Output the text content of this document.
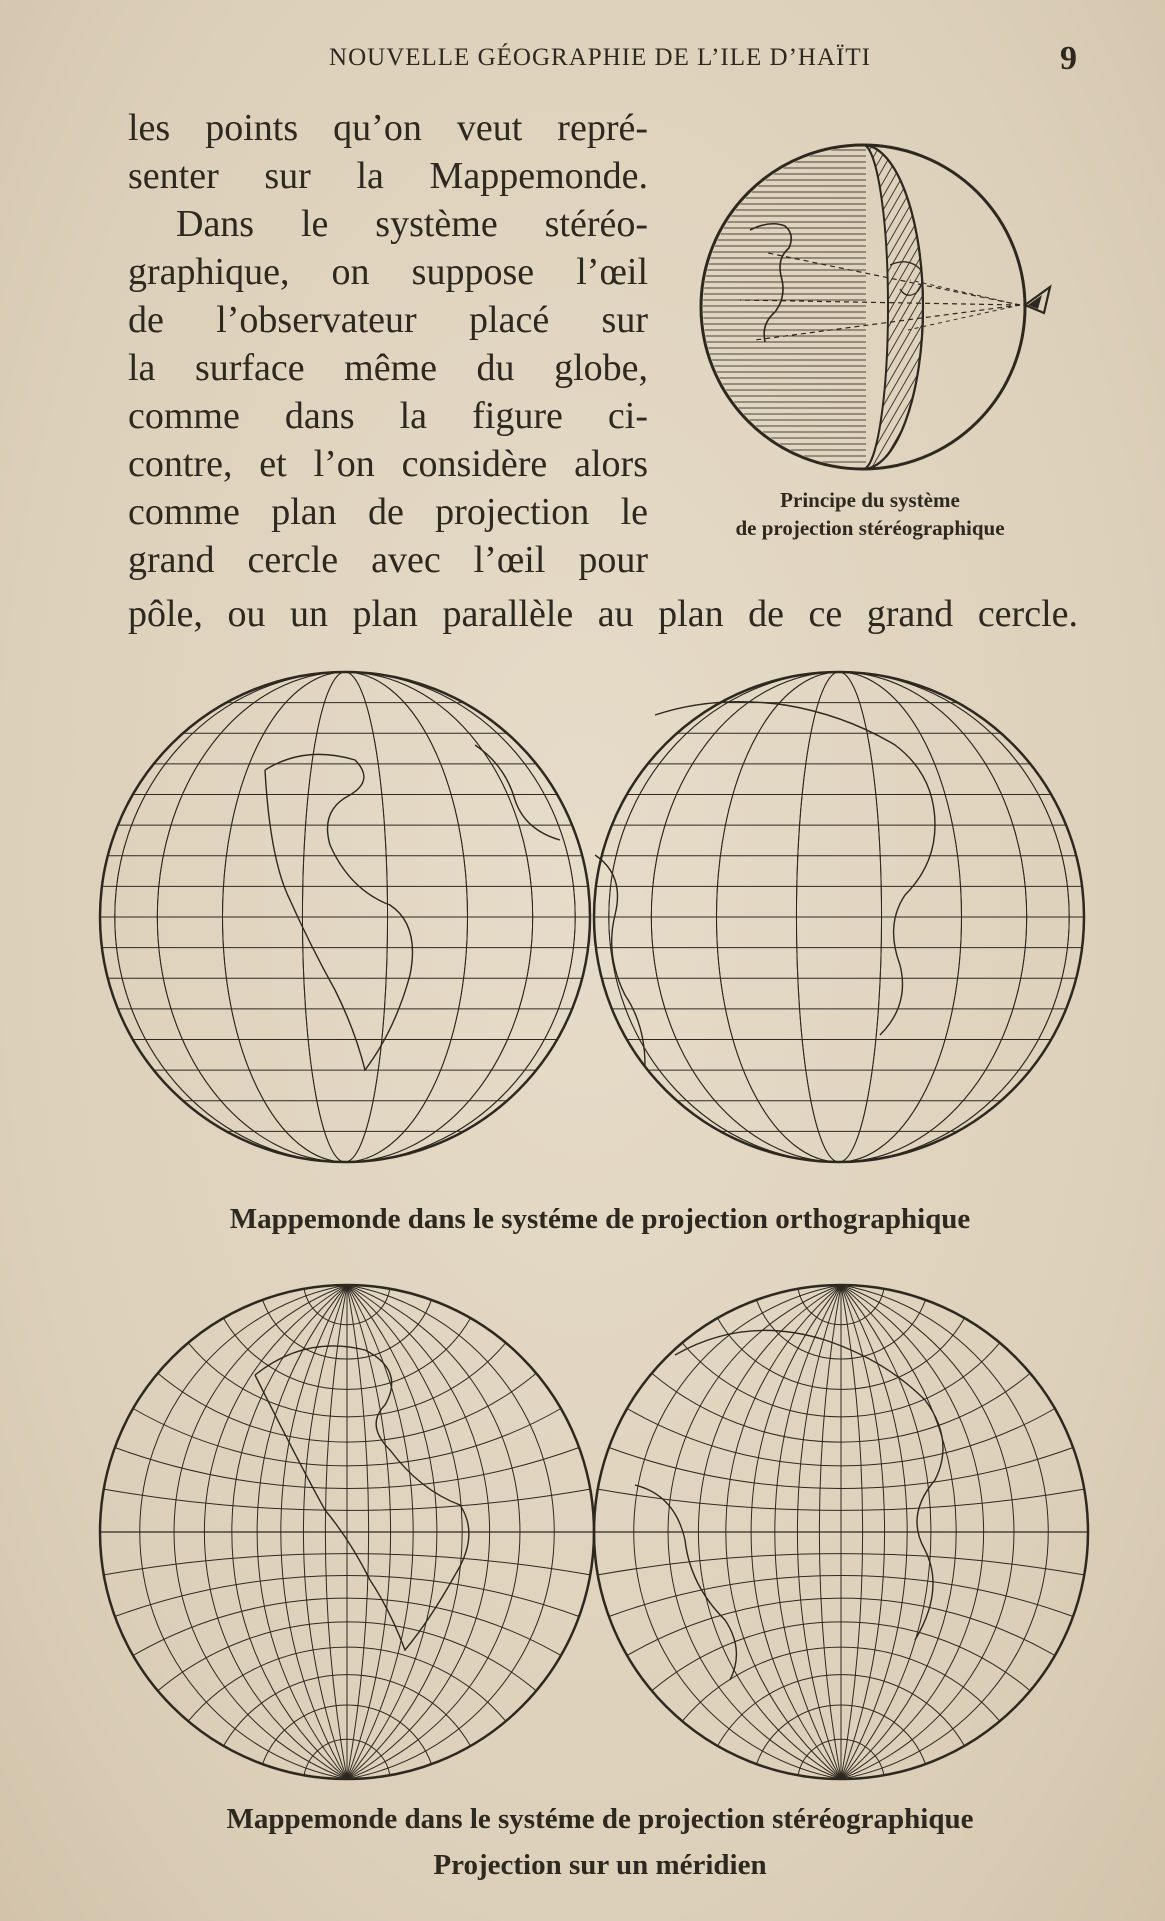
NOUVELLE GÉOGRAPHIE DE L’ILE D’HAÏTI	9
les points qu’on veut repré-
senter sur la Mappemonde.
Dans le système stéréo-
graphique, on suppose l’œil
de l’observateur placé sur
la surface même du globe,
comme dans la figure ci-
contre, et l’on considère alors
comme plan de projection le
grand cercle avec l’œil pour
pôle, ou un plan parallèle au plan de ce grand cercle.
Principe du système
de projection stéréographique
Mappemonde dans le systéme de projection orthographique
Mappemonde dans le systéme de projection stéréographique
Projection sur un méridien
